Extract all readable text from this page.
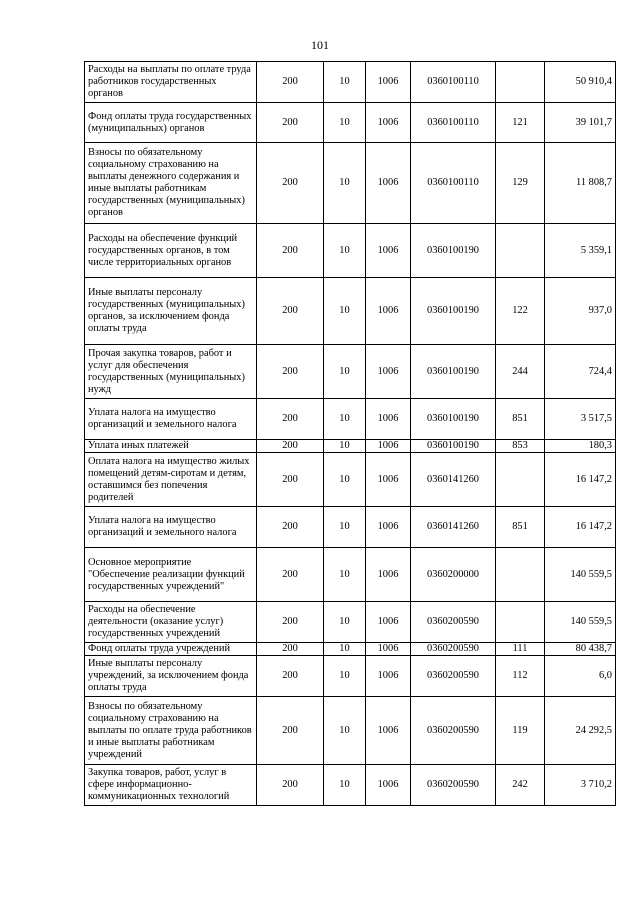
101
Расходы на выплаты по оплате труда работников государственных органов	200	10	1006	0360100110		50 910,4
Фонд оплаты труда государственных (муниципальных) органов	200	10	1006	0360100110	121	39 101,7
Взносы по обязательному социальному страхованию на выплаты денежного содержания и иные выплаты работникам государственных (муниципальных) органов	200	10	1006	0360100110	129	11 808,7
Расходы на обеспечение функций государственных органов, в том числе территориальных органов	200	10	1006	0360100190		5 359,1
Иные выплаты персоналу государственных (муниципальных) органов, за исключением фонда оплаты труда	200	10	1006	0360100190	122	937,0
Прочая закупка товаров, работ и услуг для обеспечения государственных (муниципальных) нужд	200	10	1006	0360100190	244	724,4
Уплата налога на имущество организаций и земельного налога	200	10	1006	0360100190	851	3 517,5
Уплата иных платежей	200	10	1006	0360100190	853	180,3
Оплата налога на имущество жилых помещений детям-сиротам и детям, оставшимся без попечения родителей	200	10	1006	0360141260		16 147,2
Уплата налога на имущество организаций и земельного налога	200	10	1006	0360141260	851	16 147,2
Основное мероприятие "Обеспечение реализации функций государственных учреждений"	200	10	1006	0360200000		140 559,5
Расходы на обеспечение деятельности (оказание услуг) государственных учреждений	200	10	1006	0360200590		140 559,5
Фонд оплаты труда учреждений	200	10	1006	0360200590	111	80 438,7
Иные выплаты персоналу учреждений, за исключением фонда оплаты труда	200	10	1006	0360200590	112	6,0
Взносы по обязательному социальному страхованию на выплаты по оплате труда работников и иные выплаты работникам учреждений	200	10	1006	0360200590	119	24 292,5
Закупка товаров, работ, услуг в сфере информационно-коммуникационных технологий	200	10	1006	0360200590	242	3 710,2
